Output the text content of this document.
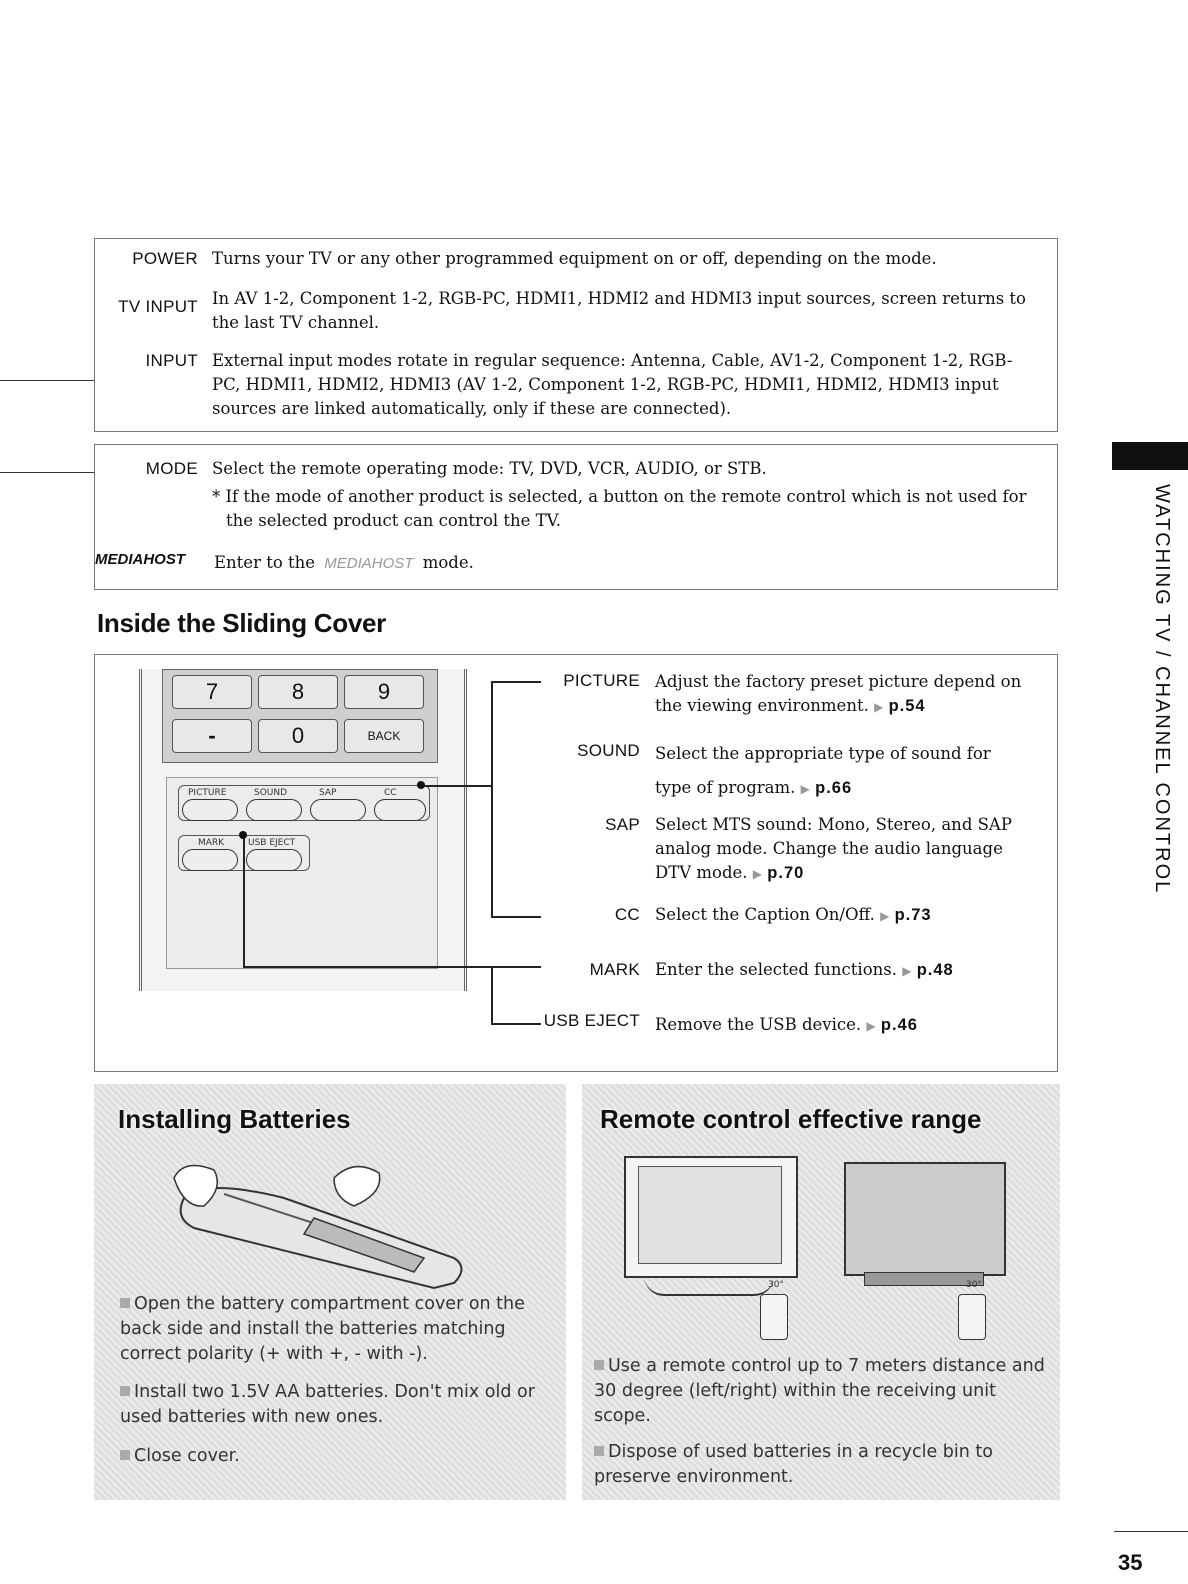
POWER Turns your TV or any other programmed equipment on or off, depending on the mode.
TV INPUT In AV 1-2, Component 1-2, RGB-PC, HDMI1, HDMI2 and HDMI3 input sources, screen returns to the last TV channel.
INPUT External input modes rotate in regular sequence: Antenna, Cable, AV1-2, Component 1-2, RGB-PC, HDMI1, HDMI2, HDMI3 (AV 1-2, Component 1-2, RGB-PC, HDMI1, HDMI2, HDMI3 input sources are linked automatically, only if these are connected).
MODE Select the remote operating mode: TV, DVD, VCR, AUDIO, or STB.
* If the mode of another product is selected, a button on the remote control which is not used for the selected product can control the TV.
MEDIAHOST Enter to the MEDIAHOST mode.
Inside the Sliding Cover
7	8	9
-	0	BACK
PICTURE	SOUND	SAP	CC
MARK	USB EJECT
PICTURE Adjust the factory preset picture depend on the viewing environment. ▶ p.54
SOUND Select the appropriate type of sound for type of program. ▶ p.66
SAP Select MTS sound: Mono, Stereo, and SAP analog mode. Change the audio language DTV mode. ▶ p.70
CC Select the Caption On/Off. ▶ p.73
MARK Enter the selected functions. ▶ p.48
USB EJECT Remove the USB device. ▶ p.46
Installing Batteries
Open the battery compartment cover on the back side and install the batteries matching correct polarity (+ with +, - with -).
Install two 1.5V AA batteries. Don't mix old or used batteries with new ones.
Close cover.
Remote control effective range
30°	30°
Use a remote control up to 7 meters distance and 30 degree (left/right) within the receiving unit scope.
Dispose of used batteries in a recycle bin to preserve environment.
WATCHING TV / CHANNEL CONTROL
35
